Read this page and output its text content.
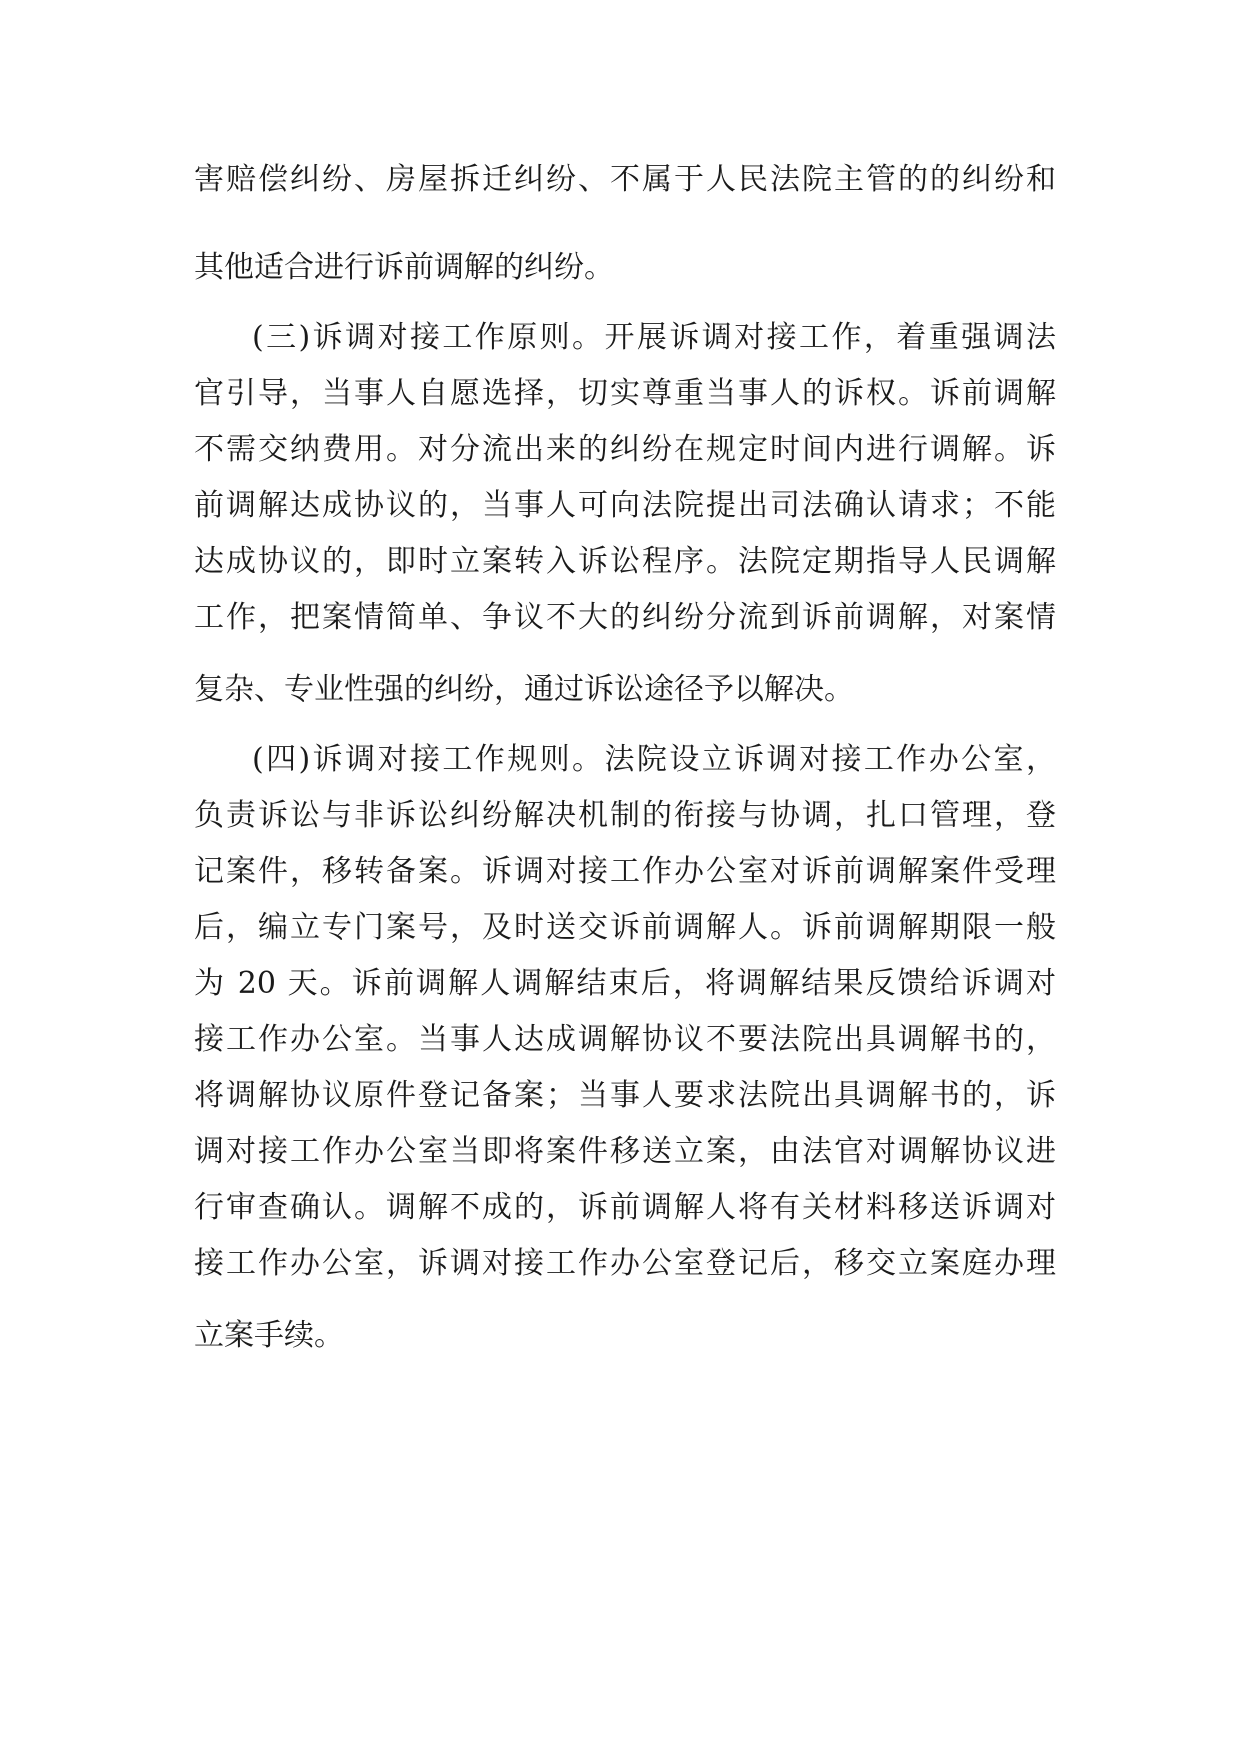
害赔偿纠纷、房屋拆迁纠纷、不属于人民法院主管的的纠纷和
其他适合进行诉前调解的纠纷。
(三)诉调对接工作原则。开展诉调对接工作，着重强调法
官引导，当事人自愿选择，切实尊重当事人的诉权。诉前调解
不需交纳费用。对分流出来的纠纷在规定时间内进行调解。诉
前调解达成协议的，当事人可向法院提出司法确认请求；不能
达成协议的，即时立案转入诉讼程序。法院定期指导人民调解
工作，把案情简单、争议不大的纠纷分流到诉前调解，对案情
复杂、专业性强的纠纷，通过诉讼途径予以解决。
(四)诉调对接工作规则。法院设立诉调对接工作办公室，
负责诉讼与非诉讼纠纷解决机制的衔接与协调，扎口管理，登
记案件，移转备案。诉调对接工作办公室对诉前调解案件受理
后，编立专门案号，及时送交诉前调解人。诉前调解期限一般
为 20 天。诉前调解人调解结束后，将调解结果反馈给诉调对
接工作办公室。当事人达成调解协议不要法院出具调解书的，
将调解协议原件登记备案；当事人要求法院出具调解书的，诉
调对接工作办公室当即将案件移送立案，由法官对调解协议进
行审查确认。调解不成的，诉前调解人将有关材料移送诉调对
接工作办公室，诉调对接工作办公室登记后，移交立案庭办理
立案手续。
